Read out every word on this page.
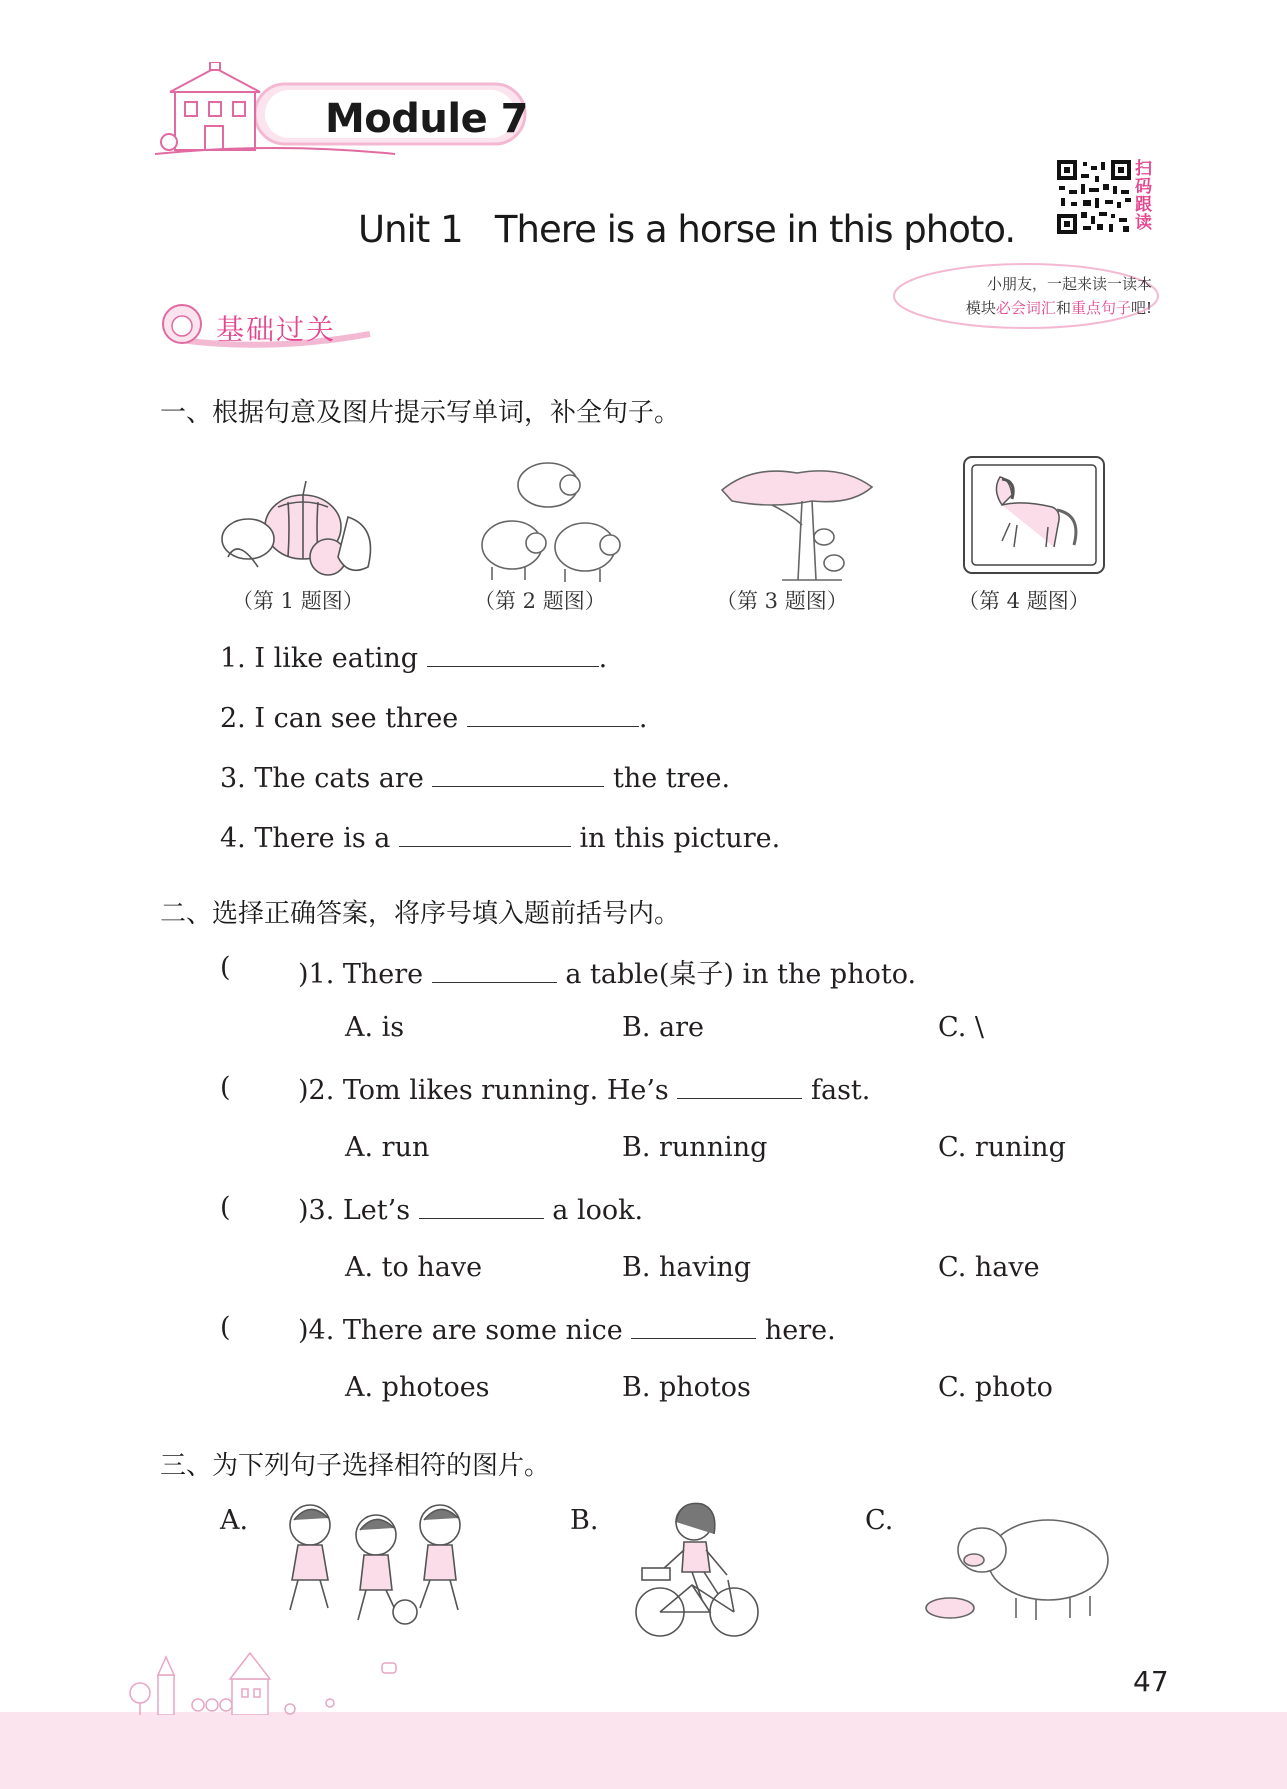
Module 7
Unit 1   There is a horse in this photo.
扫码跟读
小朋友，一起来读一读本
模块必会词汇和重点句子吧!
基础过关
一、根据句意及图片提示写单词，补全句子。
（第 1 题图）	（第 2 题图）	（第 3 题图）	（第 4 题图）
1. I like eating	.
2. I can see three	.
3. The cats are	the tree.
4. There is a	in this picture.
二、选择正确答案，将序号填入题前括号内。
( )1. There	a table(桌子) in the photo.
A. is	B. are	C. \
( )2. Tom likes running. He’s	fast.
A. run	B. running	C. runing
( )3. Let’s	a look.
A. to have	B. having	C. have
( )4. There are some nice	here.
A. photoes	B. photos	C. photo
三、为下列句子选择相符的图片。
A.	B.	C.
47
